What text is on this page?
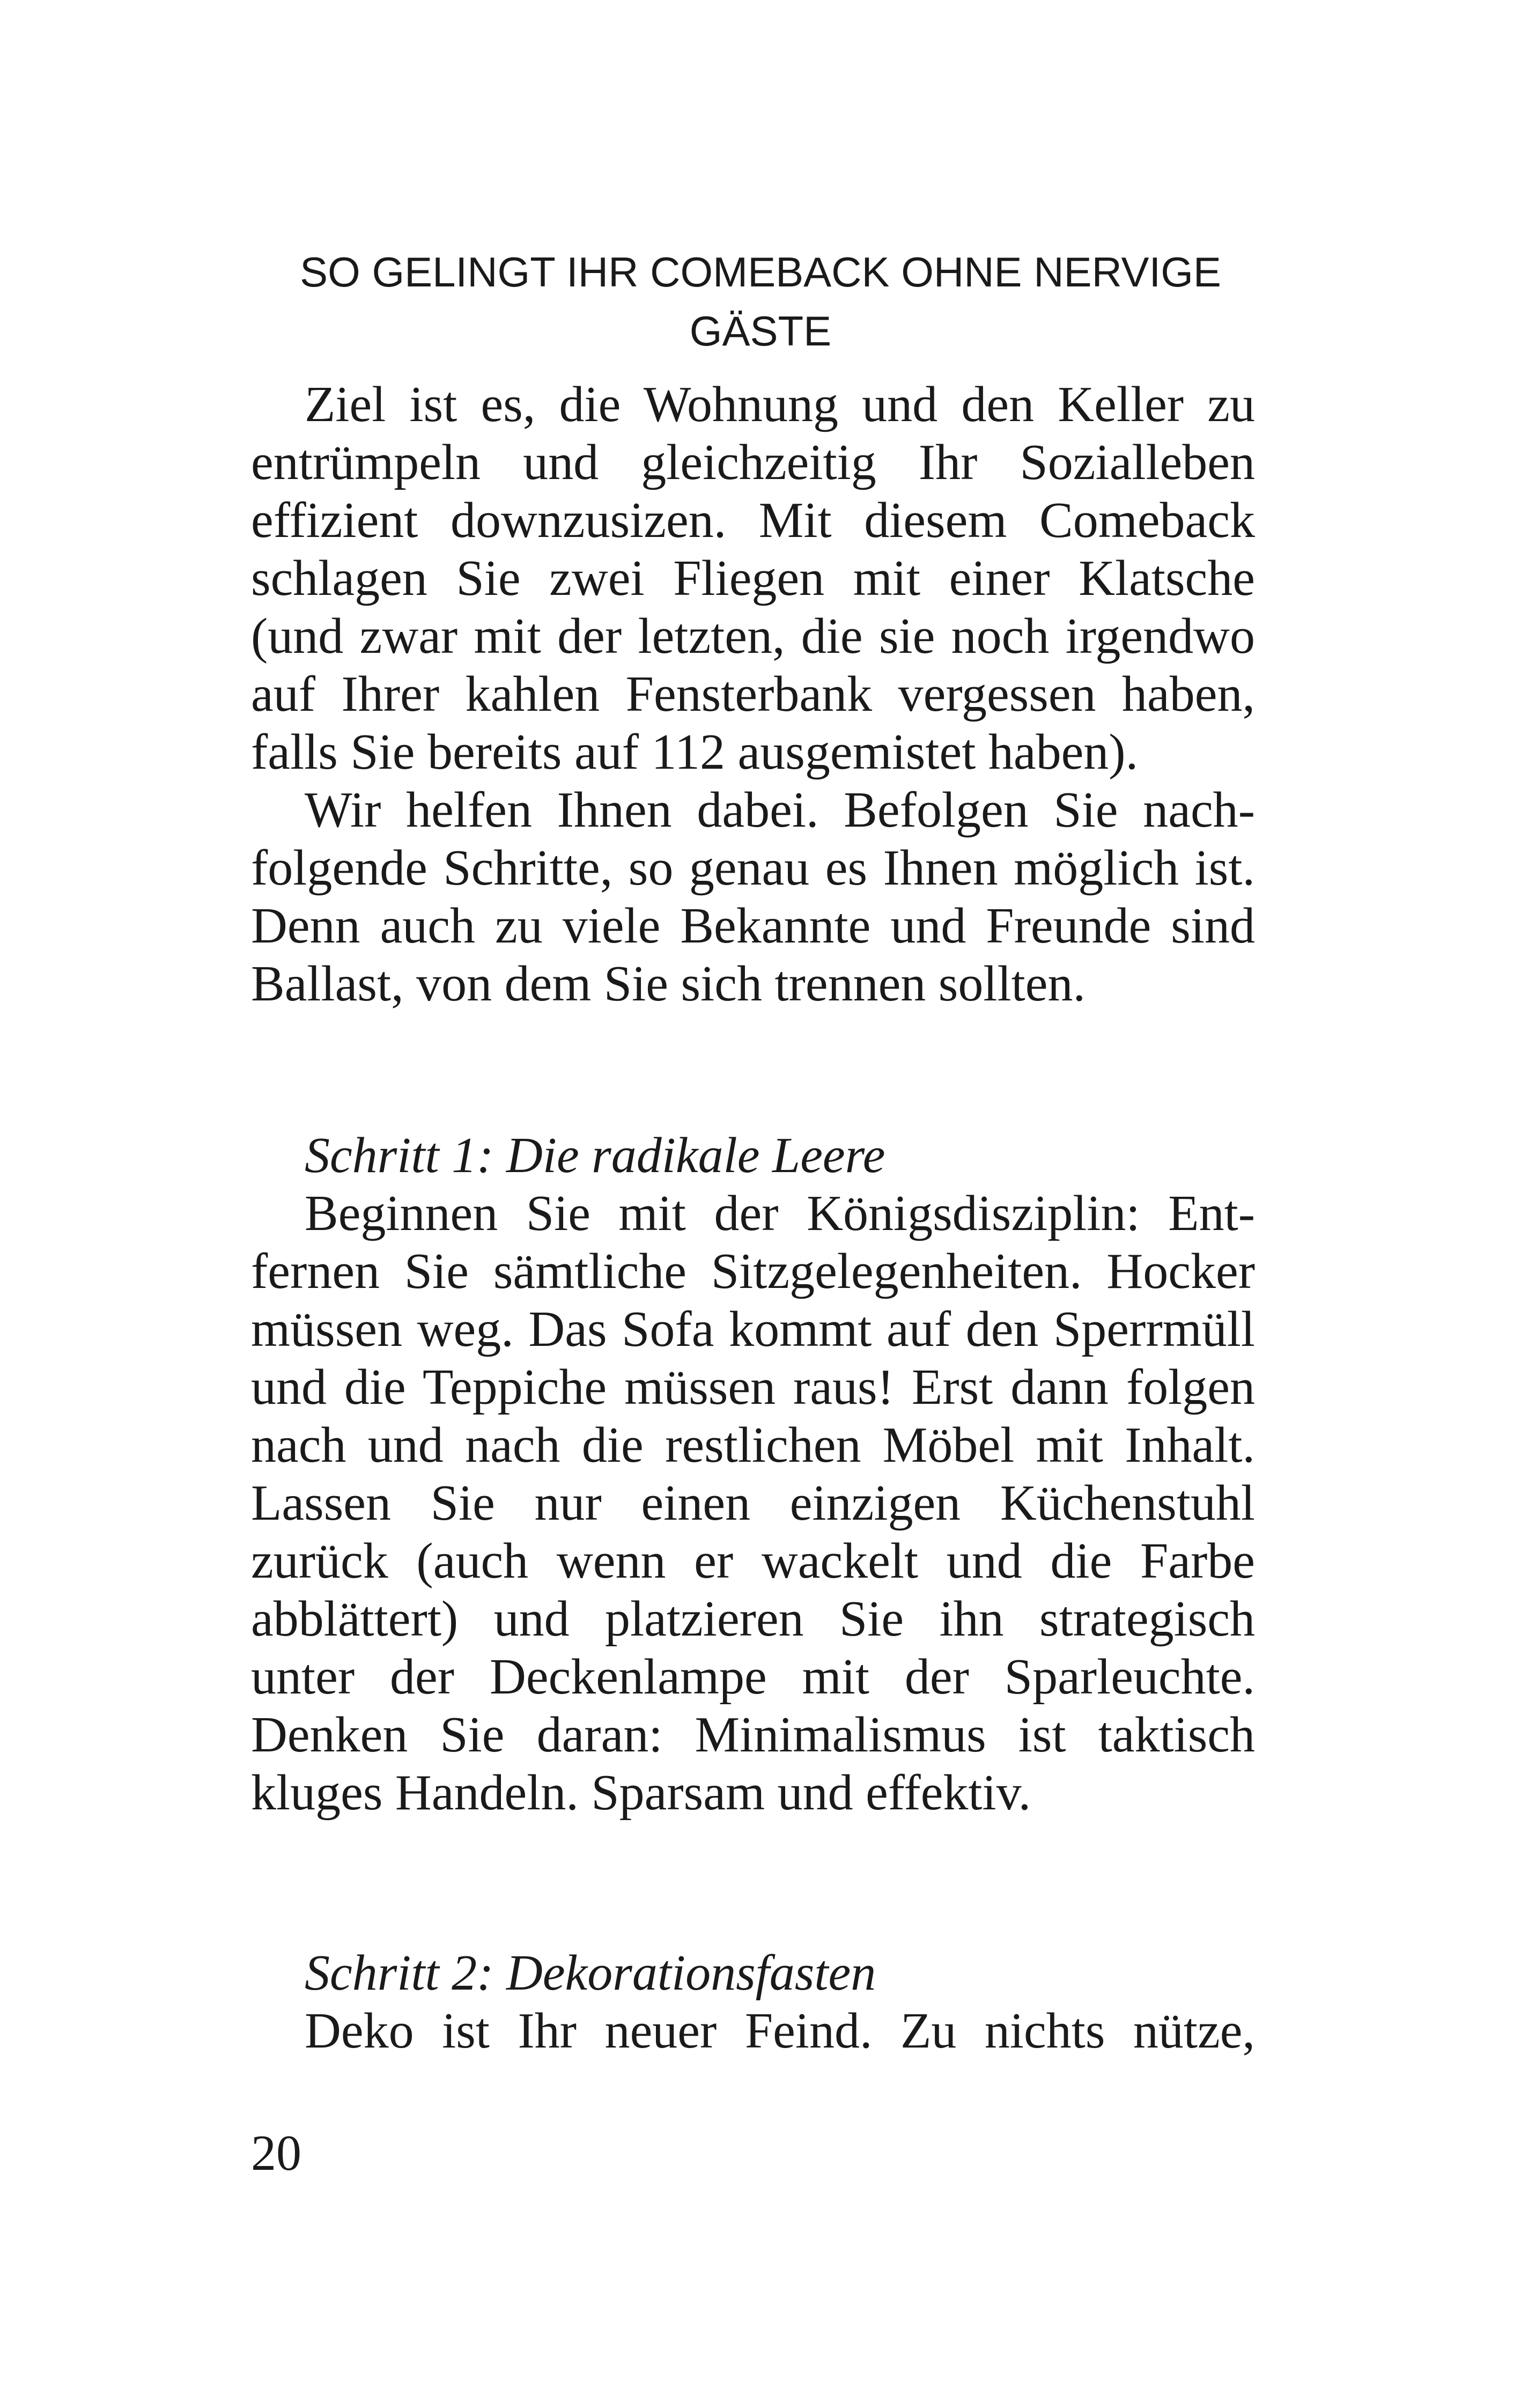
SO GELINGT IHR COMEBACK OHNE NERVIGE GÄSTE

Ziel ist es, die Wohnung und den Keller zu entrümpeln und gleichzeitig Ihr Sozialleben effizient downzusizen. Mit diesem Comeback schlagen Sie zwei Fliegen mit einer Klatsche (und zwar mit der letzten, die sie noch irgendwo auf Ihrer kahlen Fensterbank vergessen haben, falls Sie bereits auf 112 ausgemistet haben).

Wir helfen Ihnen dabei. Befolgen Sie nachfolgende Schritte, so genau es Ihnen möglich ist. Denn auch zu viele Bekannte und Freunde sind Ballast, von dem Sie sich trennen sollten.

Schritt 1: Die radikale Leere

Beginnen Sie mit der Königsdisziplin: Entfernen Sie sämtliche Sitzgelegenheiten. Hocker müssen weg. Das Sofa kommt auf den Sperrmüll und die Teppiche müssen raus! Erst dann folgen nach und nach die restlichen Möbel mit Inhalt. Lassen Sie nur einen einzigen Küchenstuhl zurück (auch wenn er wackelt und die Farbe abblättert) und platzieren Sie ihn strategisch unter der Deckenlampe mit der Sparleuchte. Denken Sie daran: Minimalismus ist taktisch kluges Handeln. Sparsam und effektiv.

Schritt 2: Dekorationsfasten

Deko ist Ihr neuer Feind. Zu nichts nütze,

20
